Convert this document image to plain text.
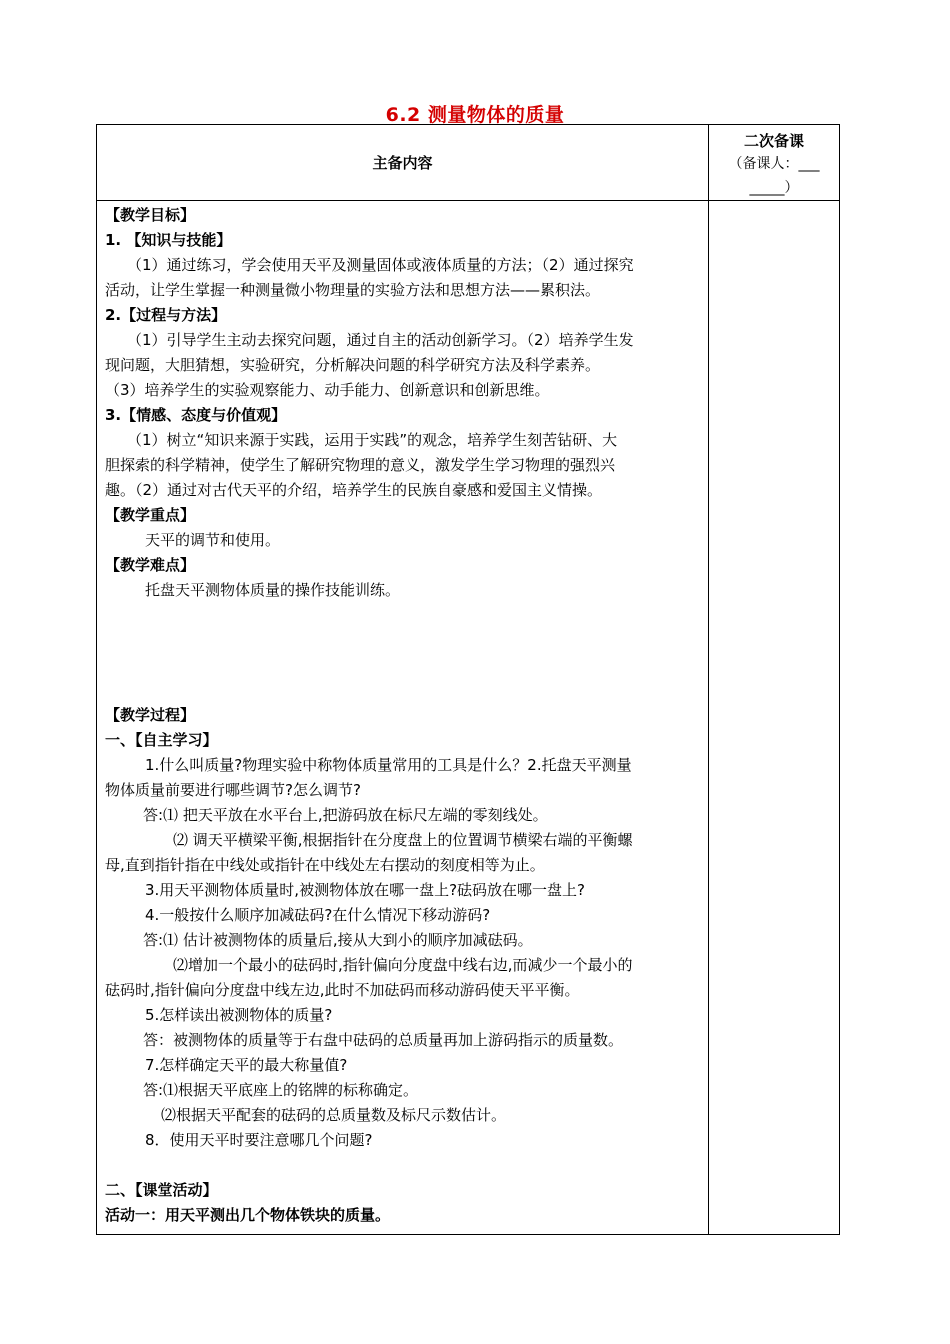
6.2 测量物体的质量
主备内容
二次备课
（备课人：___
_____）

【教学目标】

1. 【知识与技能】

（1）通过练习，学会使用天平及测量固体或液体质量的方法；（2）通过探究

活动，让学生掌握一种测量微小物理量的实验方法和思想方法——累积法。

2.【过程与方法】

（1）引导学生主动去探究问题，通过自主的活动创新学习。（2）培养学生发

现问题，大胆猜想，实验研究，分析解决问题的科学研究方法及科学素养。

（3）培养学生的实验观察能力、动手能力、创新意识和创新思维。

3.【情感、态度与价值观】

（1）树立“知识来源于实践，运用于实践”的观念，培养学生刻苦钻研、大

胆探索的科学精神，使学生了解研究物理的意义，激发学生学习物理的强烈兴

趣。（2）通过对古代天平的介绍，培养学生的民族自豪感和爱国主义情操。

【教学重点】

天平的调节和使用。

【教学难点】

托盘天平测物体质量的操作技能训练。

【教学过程】

一、【自主学习】

1.什么叫质量?物理实验中称物体质量常用的工具是什么？2.托盘天平测量

物体质量前要进行哪些调节?怎么调节?

答:⑴ 把天平放在水平台上,把游码放在标尺左端的零刻线处。

⑵ 调天平横梁平衡,根据指针在分度盘上的位置调节横梁右端的平衡螺

母,直到指针指在中线处或指针在中线处左右摆动的刻度相等为止。

3.用天平测物体质量时,被测物体放在哪一盘上?砝码放在哪一盘上?

4.一般按什么顺序加减砝码?在什么情况下移动游码?

答:⑴ 估计被测物体的质量后,接从大到小的顺序加减砝码。

⑵增加一个最小的砝码时,指针偏向分度盘中线右边,而减少一个最小的

砝码时,指针偏向分度盘中线左边,此时不加砝码而移动游码使天平平衡。

5.怎样读出被测物体的质量?

答：被测物体的质量等于右盘中砝码的总质量再加上游码指示的质量数。

7.怎样确定天平的最大称量值?

答:⑴根据天平底座上的铭牌的标称确定。

⑵根据天平配套的砝码的总质量数及标尺示数估计。

8．使用天平时要注意哪几个问题?

二、【课堂活动】

活动一：用天平测出几个物体铁块的质量。
